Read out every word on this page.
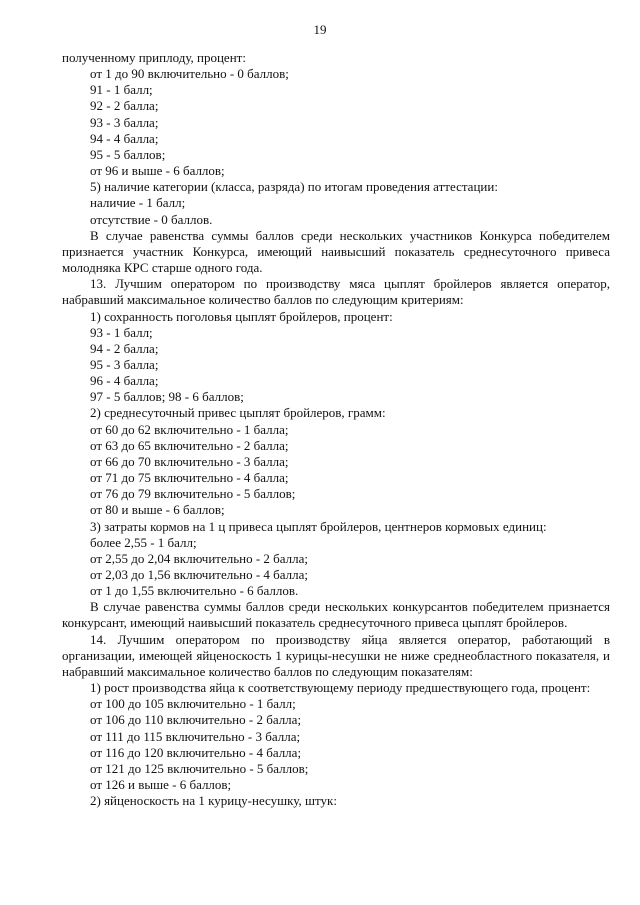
19

полученному приплоду, процент:

от 1 до 90 включительно - 0 баллов;

91 - 1 балл;

92 - 2 балла;

93 - 3 балла;

94 - 4 балла;

95 - 5 баллов;

от 96 и выше - 6 баллов;

5) наличие категории (класса, разряда) по итогам проведения аттестации:

наличие - 1 балл;

отсутствие - 0 баллов.

В случае равенства суммы баллов среди нескольких участников Конкурса победителем признается участник Конкурса, имеющий наивысший показатель среднесуточного привеса молодняка КРС старше одного года.

13. Лучшим оператором по производству мяса цыплят бройлеров является оператор, набравший максимальное количество баллов по следующим критериям:

1) сохранность поголовья цыплят бройлеров, процент:

93 - 1 балл;

94 - 2 балла;

95 - 3 балла;

96 - 4 балла;

97 - 5 баллов; 98 - 6 баллов;

2) среднесуточный привес цыплят бройлеров, грамм:

от 60 до 62 включительно - 1 балла;

от 63 до 65 включительно - 2 балла;

от 66 до 70 включительно - 3 балла;

от 71 до 75 включительно - 4 балла;

от 76 до 79 включительно - 5 баллов;

от 80 и выше - 6 баллов;

3) затраты кормов на 1 ц привеса цыплят бройлеров, центнеров кормовых единиц:

более 2,55 - 1 балл;

от 2,55 до 2,04 включительно - 2 балла;

от 2,03 до 1,56 включительно - 4 балла;

от 1 до 1,55 включительно - 6 баллов.

В случае равенства суммы баллов среди нескольких конкурсантов победителем признается конкурсант, имеющий наивысший показатель среднесуточного привеса цыплят бройлеров.

14. Лучшим оператором по производству яйца является оператор, работающий в организации, имеющей яйценоскость 1 курицы-несушки не ниже среднеобластного показателя, и набравший максимальное количество баллов по следующим показателям:

1) рост производства яйца к соответствующему периоду предшествующего года, процент:

от 100 до 105 включительно - 1 балл;

от 106 до 110 включительно - 2 балла;

от 111 до 115 включительно - 3 балла;

от 116 до 120 включительно - 4 балла;

от 121 до 125 включительно - 5 баллов;

от 126 и выше - 6 баллов;

2) яйценоскость на 1 курицу-несушку, штук:
